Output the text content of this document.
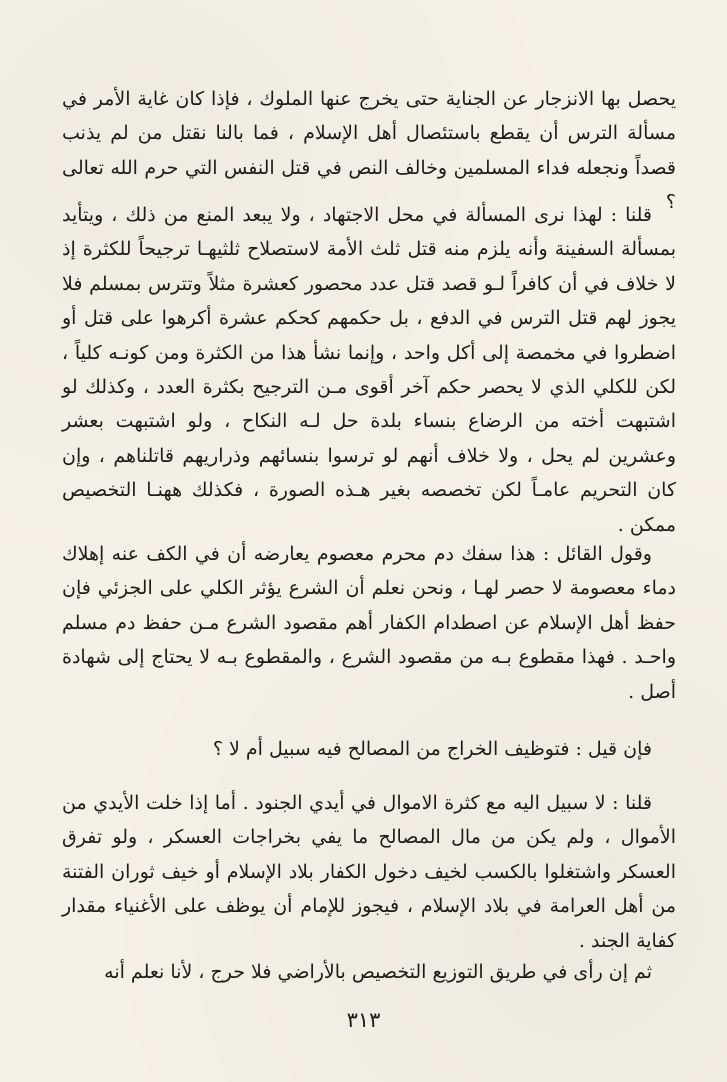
يحصل بها الانزجار عن الجناية حتى يخرج عنها الملوك ، فإذا كان غاية الأمر في مسألة الترس أن يقطع باستئصال أهل الإسلام ، فما بالنا نقتل من لم يذنب قصداً ونجعله فداء المسلمين وخالف النص في قتل النفس التي حرم الله تعالى ؟

قلنا : لهذا نرى المسألة في محل الاجتهاد ، ولا يبعد المنع من ذلك ، ويتأيد بمسألة السفينة وأنه يلزم منه قتل ثلث الأمة لاستصلاح ثلثيهـا ترجيحاً للكثرة إذ لا خلاف في أن كافراً لـو قصد قتل عدد محصور كعشرة مثلاً وتترس بمسلم فلا يجوز لهم قتل الترس في الدفع ، بل حكمهم كحكم عشرة أكرهوا على قتل أو اضطروا في مخمصة إلى أكل واحد ، وإنما نشأ هذا من الكثرة ومن كونـه كلياً ، لكن للكلي الذي لا يحصر حكم آخر أقوى مـن الترجيح بكثرة العدد ، وكذلك لو اشتبهت أخته من الرضاع بنساء بلدة حل لـه النكاح ، ولو اشتبهت بعشر وعشرين لم يحل ، ولا خلاف أنهم لو ترسوا بنسائهم وذراريهم قاتلناهم ، وإن كان التحريم عامـاً لكن تخصصه بغير هـذه الصورة ، فكذلك ههنـا التخصيص ممكن .

وقول القائل : هذا سفك دم محرم معصوم يعارضه أن في الكف عنه إهلاك دماء معصومة لا حصر لهـا ، ونحن نعلم أن الشرع يؤثر الكلي على الجزئي فإن حفظ أهل الإسلام عن اصطدام الكفار أهم مقصود الشرع مـن حفظ دم مسلم واحـد . فهذا مقطوع بـه من مقصود الشرع ، والمقطوع بـه لا يحتاج إلى شهادة أصل .

فإن قيل : فتوظيف الخراج من المصالح فيه سبيل أم لا ؟

قلنا : لا سبيل اليه مع كثرة الاموال في أيدي الجنود . أما إذا خلت الأيدي من الأموال ، ولم يكن من مال المصالح ما يفي بخراجات العسكر ، ولو تفرق العسكر واشتغلوا بالكسب لخيف دخول الكفار بلاد الإسلام أو خيف ثوران الفتنة من أهل العرامة في بلاد الإسلام ، فيجوز للإمام أن يوظف على الأغنياء مقدار كفاية الجند .

ثم إن رأى في طريق التوزيع التخصيص بالأراضي فلا حرج ، لأنا نعلم أنه

٣١٣
